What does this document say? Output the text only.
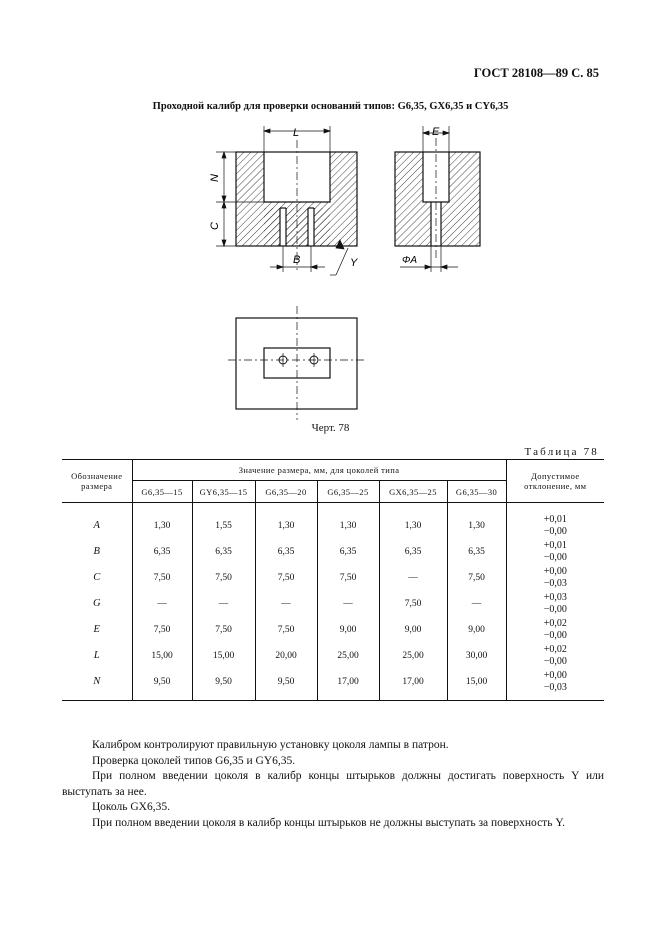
ГОСТ 28108—89 С. 85
Проходной калибр для проверки оснований типов: G6,35, GX6,35 и CY6,35
L
N
C
B	Y
E
ΦA
Черт. 78
Таблица 78
Обозначение размера	Значение размера, мм, для цоколей типа						Допустимое отклонение, мм
	G6,35—15	GY6,35—15	G6,35—20	G6,35—25	GX6,35—25	G6,35—30	

A	1,30	1,55	1,30	1,30	1,30	1,30	+0,01
−0,00

B	6,35	6,35	6,35	6,35	6,35	6,35	+0,01
−0,00

C	7,50	7,50	7,50	7,50	—	7,50	+0,00
−0,03

G	—	—	—	—	7,50	—	+0,03
−0,00

E	7,50	7,50	7,50	9,00	9,00	9,00	+0,02
−0,00

L	15,00	15,00	20,00	25,00	25,00	30,00	+0,02
−0,00

N	9,50	9,50	9,50	17,00	17,00	15,00	+0,00
−0,03

Калибром контролируют правильную установку цоколя лампы в патрон.

Проверка цоколей типов G6,35 и GY6,35.

При полном введении цоколя в калибр концы штырьков должны достигать поверхность Y или выступать за нее.

Цоколь GX6,35.

При полном введении цоколя в калибр концы штырьков не должны выступать за поверхность Y.
